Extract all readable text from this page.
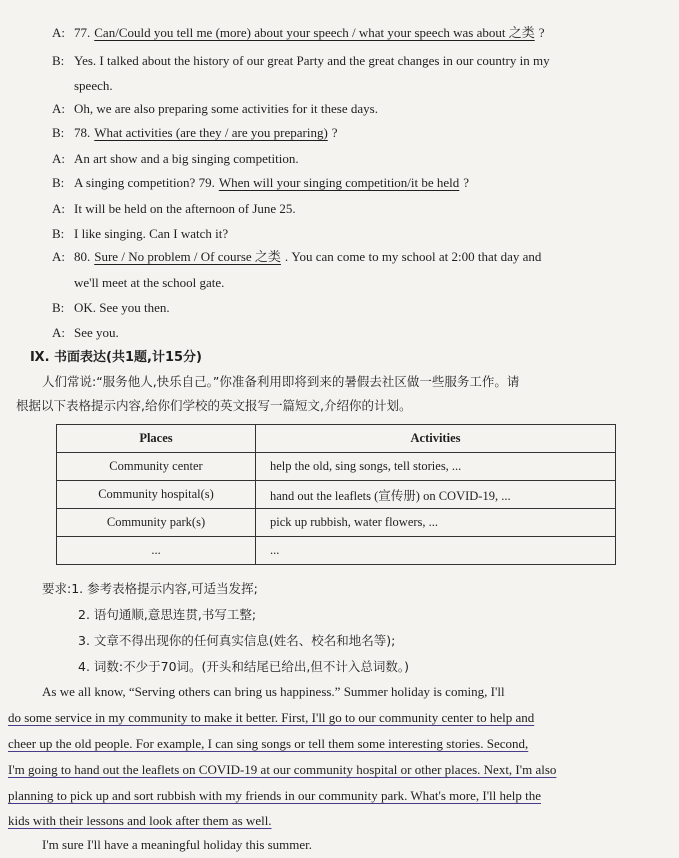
A: 77. Can/Could you tell me (more) about your speech / what your speech was about 之类 ?
B: Yes. I talked about the history of our great Party and the great changes in our country in my
speech.
A: Oh, we are also preparing some activities for it these days.
B: 78. What activities (are they / are you preparing) ?
A: An art show and a big singing competition.
B: A singing competition? 79. When will your singing competition/it be held ?
A: It will be held on the afternoon of June 25.
B: I like singing. Can I watch it?
A: 80. Sure / No problem / Of course 之类 . You can come to my school at 2:00 that day and
we'll meet at the school gate.
B: OK. See you then.
A: See you.
Ⅸ. 书面表达(共1题,计15分)
人们常说:“服务他人,快乐自己。”你准备利用即将到来的暑假去社区做一些服务工作。请
根据以下表格提示内容,给你们学校的英文报写一篇短文,介绍你的计划。
Places	Activities
Community center	help the old, sing songs, tell stories, ...
Community hospital(s)	hand out the leaflets (宣传册) on COVID-19, ...
Community park(s)	pick up rubbish, water flowers, ...
...	...
要求:1. 参考表格提示内容,可适当发挥;
2. 语句通顺,意思连贯,书写工整;
3. 文章不得出现你的任何真实信息(姓名、校名和地名等);
4. 词数:不少于70词。(开头和结尾已给出,但不计入总词数。)
As we all know, “Serving others can bring us happiness.” Summer holiday is coming, I'll
do some service in my community to make it better. First, I'll go to our community center to help and
cheer up the old people. For example, I can sing songs or tell them some interesting stories. Second,
I'm going to hand out the leaflets on COVID-19 at our community hospital or other places. Next, I'm also
planning to pick up and sort rubbish with my friends in our community park. What's more, I'll help the
kids with their lessons and look after them as well.
I'm sure I'll have a meaningful holiday this summer.
